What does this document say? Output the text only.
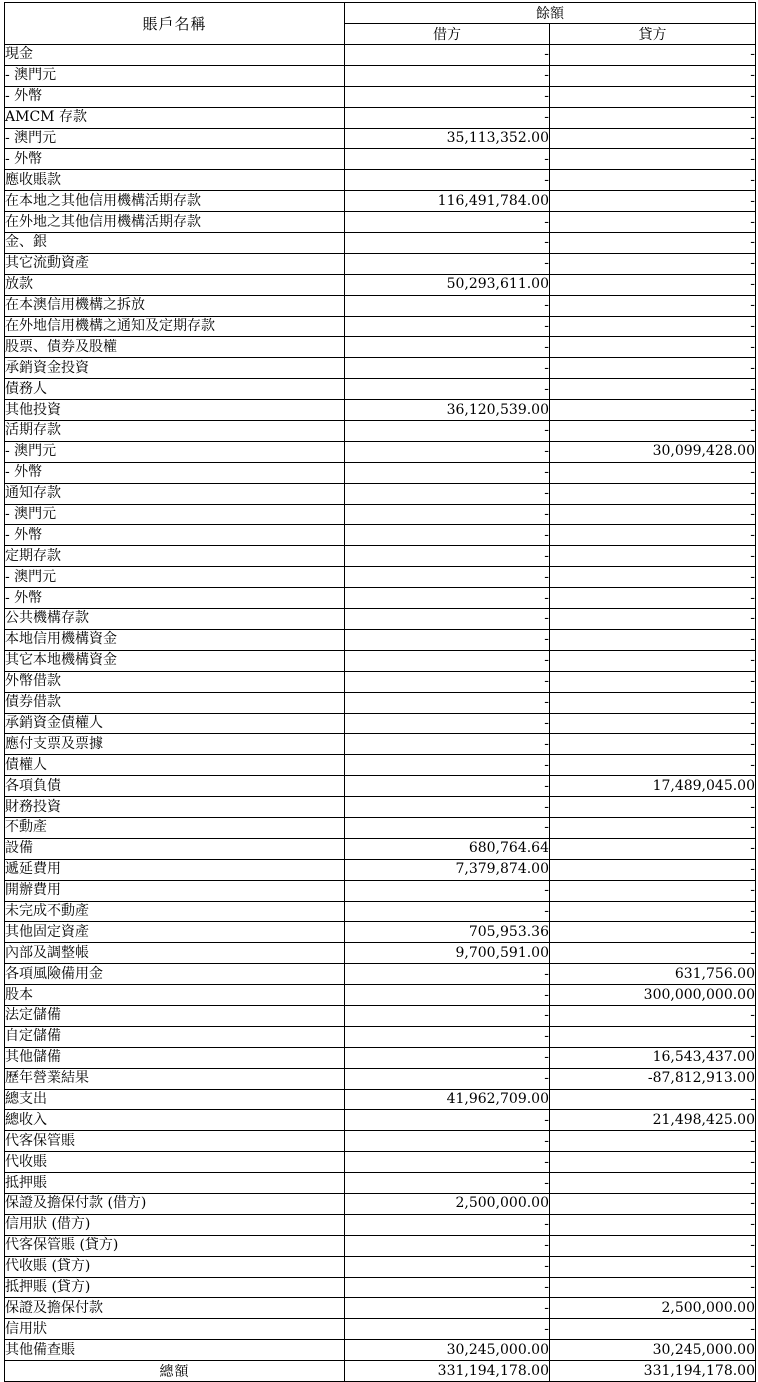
賬戶名稱	餘額	
	借方	貸方
現金	-	-
- 澳門元	-	-
- 外幣	-	-
AMCM 存款	-	-
- 澳門元	35,113,352.00	-
- 外幣	-	-
應收賬款	-	-
在本地之其他信用機構活期存款	116,491,784.00	-
在外地之其他信用機構活期存款	-	-
金、銀	-	-
其它流動資產	-	-
放款	50,293,611.00	-
在本澳信用機構之拆放	-	-
在外地信用機構之通知及定期存款	-	-
股票、債券及股權	-	-
承銷資金投資	-	-
債務人	-	-
其他投資	36,120,539.00	-
活期存款	-	-
- 澳門元	-	30,099,428.00
- 外幣	-	-
通知存款	-	-
- 澳門元	-	-
- 外幣	-	-
定期存款	-	-
- 澳門元	-	-
- 外幣	-	-
公共機構存款	-	-
本地信用機構資金	-	-
其它本地機構資金	-	-
外幣借款	-	-
債券借款	-	-
承銷資金債權人	-	-
應付支票及票據	-	-
債權人	-	-
各項負債	-	17,489,045.00
財務投資	-	-
不動產	-	-
設備	680,764.64	-
遞延費用	7,379,874.00	-
開辦費用	-	-
未完成不動產	-	-
其他固定資產	705,953.36	-
內部及調整帳	9,700,591.00	-
各項風險備用金	-	631,756.00
股本	-	300,000,000.00
法定儲備	-	-
自定儲備	-	-
其他儲備	-	16,543,437.00
歷年營業結果	-	-87,812,913.00
總支出	41,962,709.00	-
總收入	-	21,498,425.00
代客保管賬	-	-
代收賬	-	-
抵押賬	-	-
保證及擔保付款 (借方)	2,500,000.00	-
信用狀 (借方)	-	-
代客保管賬 (貸方)	-	-
代收賬 (貸方)	-	-
抵押賬 (貸方)	-	-
保證及擔保付款	-	2,500,000.00
信用狀	-	-
其他備查賬	30,245,000.00	30,245,000.00
總額	331,194,178.00	331,194,178.00
